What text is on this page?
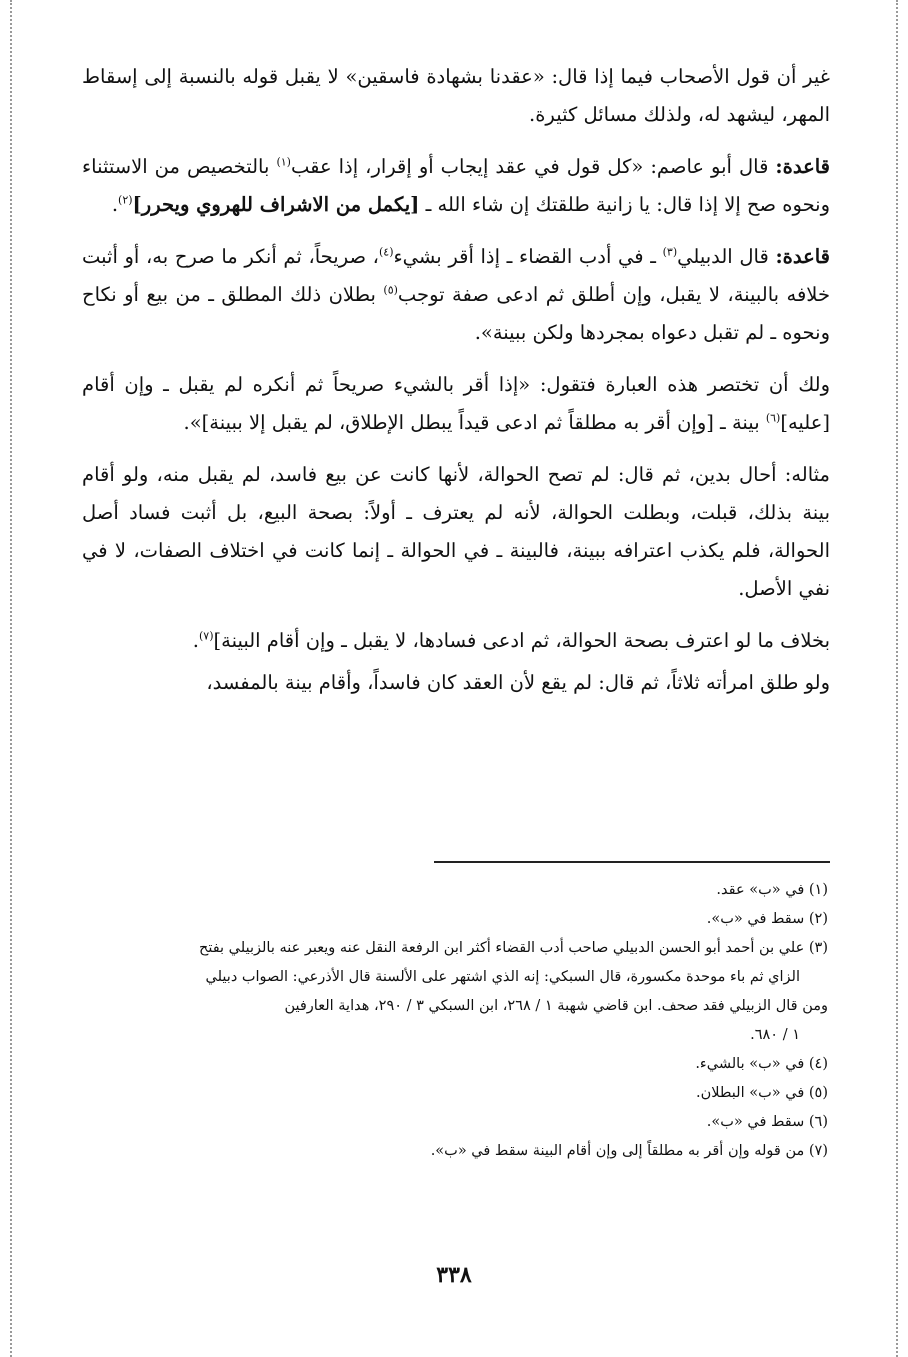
غير أن قول الأصحاب فيما إذا قال: «عقدنا بشهادة فاسقين» لا يقبل قوله بالنسبة إلى إسقاط المهر، ليشهد له، ولذلك مسائل كثيرة.

قاعدة: قال أبو عاصم: «كل قول في عقد إيجاب أو إقرار، إذا عقب$^{(١)}$ بالتخصيص من الاستثناء ونحوه صح إلا إذا قال: يا زانية طلقتك إن شاء الله ـ [يكمل من الاشراف للهروي ويحرر]$^{(٢)}$.

قاعدة: قال الدبيلي$^{(٣)}$ ـ في أدب القضاء ـ إذا أقر بشيء$^{(٤)}$، صريحاً، ثم أنكر ما صرح به، أو أثبت خلافه بالبينة، لا يقبل، وإن أطلق ثم ادعى صفة توجب$^{(٥)}$ بطلان ذلك المطلق ـ من بيع أو نكاح ونحوه ـ لم تقبل دعواه بمجردها ولكن ببينة».

ولك أن تختصر هذه العبارة فتقول: «إذا أقر بالشيء صريحاً ثم أنكره لم يقبل ـ وإن أقام [عليه]$^{(٦)}$ بينة ـ [وإن أقر به مطلقاً ثم ادعى قيداً يبطل الإطلاق، لم يقبل إلا ببينة]».

مثاله: أحال بدين، ثم قال: لم تصح الحوالة، لأنها كانت عن بيع فاسد، لم يقبل منه، ولو أقام بينة بذلك، قبلت، وبطلت الحوالة، لأنه لم يعترف ـ أولاً: بصحة البيع، بل أثبت فساد أصل الحوالة، فلم يكذب اعترافه ببينة، فالبينة ـ في الحوالة ـ إنما كانت في اختلاف الصفات، لا في نفي الأصل.

بخلاف ما لو اعترف بصحة الحوالة، ثم ادعى فسادها، لا يقبل ـ وإن أقام البينة]$^{(٧)}$.

ولو طلق امرأته ثلاثاً، ثم قال: لم يقع لأن العقد كان فاسداً، وأقام بينة بالمفسد،

(١) في «ب» عقد.

(٢) سقط في «ب».

(٣) علي بن أحمد أبو الحسن الدبيلي صاحب أدب القضاء أكثر ابن الرفعة النقل عنه ويعبر عنه بالزبيلي بفتح

الزاي ثم باء موحدة مكسورة، قال السبكي: إنه الذي اشتهر على الألسنة قال الأذرعي: الصواب دبيلي

ومن قال الزبيلي فقد صحف. ابن قاضي شهبة ١ / ٢٦٨، ابن السبكي ٣ / ٢٩٠، هداية العارفين

١ / ٦٨٠.

(٤) في «ب» بالشيء.

(٥) في «ب» البطلان.

(٦) سقط في «ب».

(٧) من قوله وإن أقر به مطلقاً إلى وإن أقام البينة سقط في «ب».

٣٣٨
